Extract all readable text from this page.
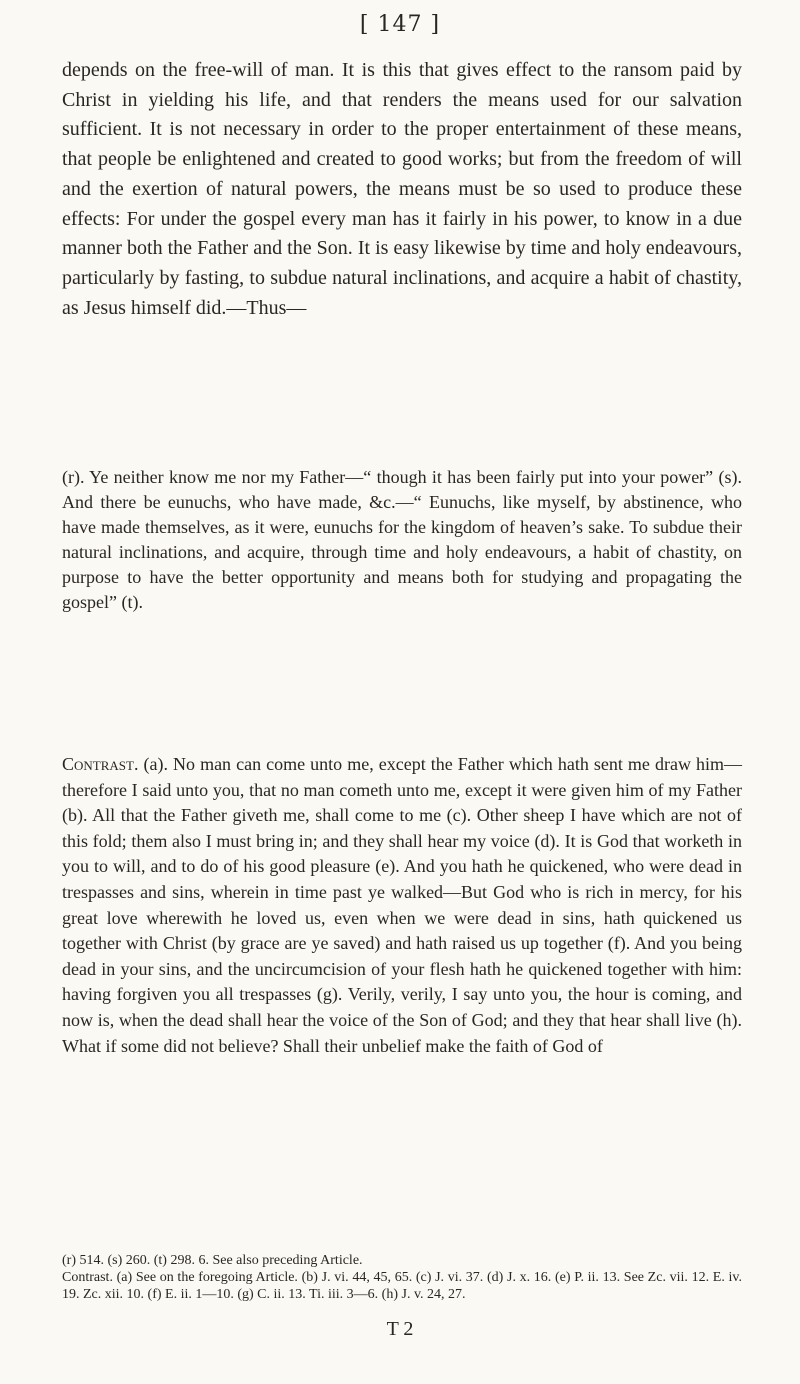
[ 147 ]

depends on the free-will of man. It is this that gives effect to the ransom paid by Christ in yielding his life, and that renders the means used for our salvation sufficient. It is not necessary in order to the proper entertainment of these means, that people be enlightened and created to good works; but from the freedom of will and the exertion of natural powers, the means must be so used to produce these effects: For under the gospel every man has it fairly in his power, to know in a due manner both the Father and the Son. It is easy likewise by time and holy endeavours, particularly by fasting, to subdue natural inclinations, and acquire a habit of chastity, as Jesus himself did.—Thus—

(r). Ye neither know me nor my Father—“ though it has been fairly put into your power” (s). And there be eunuchs, who have made, &c.—“ Eunuchs, like myself, by abstinence, who have made themselves, as it were, eunuchs for the kingdom of heaven’s sake. To subdue their natural inclinations, and acquire, through time and holy endeavours, a habit of chastity, on purpose to have the better opportunity and means both for studying and propagating the gospel” (t).

Contrast. (a). No man can come unto me, except the Father which hath sent me draw him—therefore I said unto you, that no man cometh unto me, except it were given him of my Father (b). All that the Father giveth me, shall come to me (c). Other sheep I have which are not of this fold; them also I must bring in; and they shall hear my voice (d). It is God that worketh in you to will, and to do of his good pleasure (e). And you hath he quickened, who were dead in trespasses and sins, wherein in time past ye walked—But God who is rich in mercy, for his great love wherewith he loved us, even when we were dead in sins, hath quickened us together with Christ (by grace are ye saved) and hath raised us up together (f). And you being dead in your sins, and the uncircumcision of your flesh hath he quickened together with him: having forgiven you all trespasses (g). Verily, verily, I say unto you, the hour is coming, and now is, when the dead shall hear the voice of the Son of God; and they that hear shall live (h). What if some did not believe? Shall their unbelief make the faith of God of

(r) 514. (s) 260. (t) 298. 6. See also preceding Article.

Contrast. (a) See on the foregoing Article. (b) J. vi. 44, 45, 65. (c) J. vi. 37. (d) J. x. 16. (e) P. ii. 13. See Zc. vii. 12. E. iv. 19. Zc. xii. 10. (f) E. ii. 1—10. (g) C. ii. 13. Ti. iii. 3—6. (h) J. v. 24, 27.

T 2
